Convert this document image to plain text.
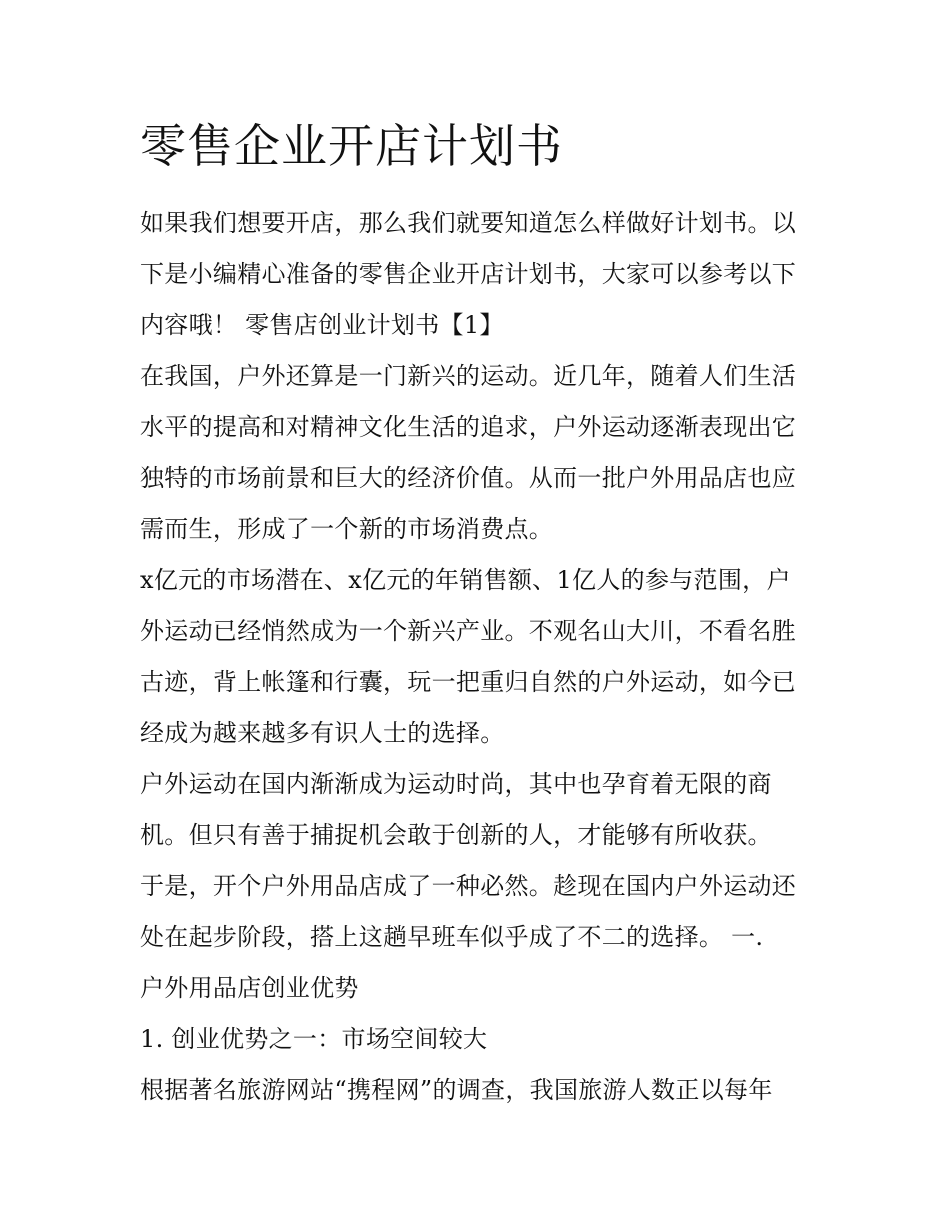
零售企业开店计划书
如果我们想要开店，那么我们就要知道怎么样做好计划书。以
下是小编精心准备的零售企业开店计划书，大家可以参考以下
内容哦！ 零售店创业计划书【1】
在我国，户外还算是一门新兴的运动。近几年，随着人们生活
水平的提高和对精神文化生活的追求，户外运动逐渐表现出它
独特的市场前景和巨大的经济价值。从而一批户外用品店也应
需而生，形成了一个新的市场消费点。
x亿元的市场潜在、x亿元的年销售额、1亿人的参与范围，户
外运动已经悄然成为一个新兴产业。不观名山大川，不看名胜
古迹，背上帐篷和行囊，玩一把重归自然的户外运动，如今已
经成为越来越多有识人士的选择。
户外运动在国内渐渐成为运动时尚，其中也孕育着无限的商
机。但只有善于捕捉机会敢于创新的人，才能够有所收获。
于是，开个户外用品店成了一种必然。趁现在国内户外运动还
处在起步阶段，搭上这趟早班车似乎成了不二的选择。 一.
户外用品店创业优势
1. 创业优势之一：市场空间较大
根据著名旅游网站“携程网”的调查，我国旅游人数正以每年
